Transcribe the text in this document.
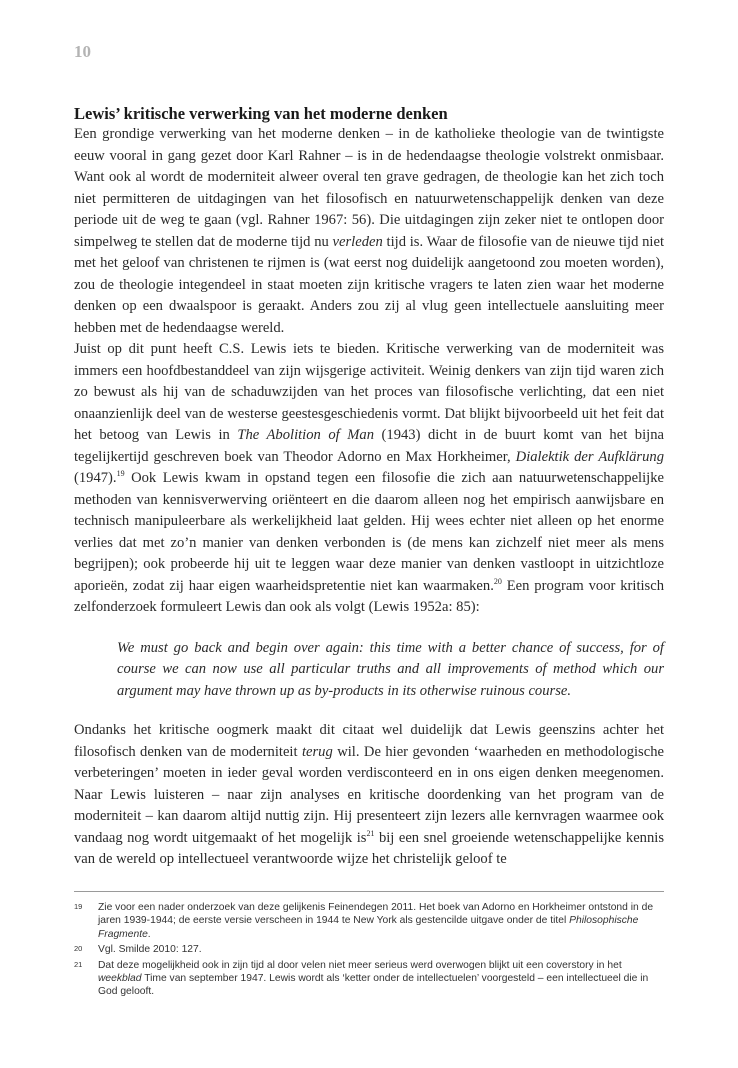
10
Lewis’ kritische verwerking van het moderne denken

Een grondige verwerking van het moderne denken – in de katholieke theologie van de twintigste eeuw vooral in gang gezet door Karl Rahner – is in de hedendaagse theologie volstrekt onmisbaar. Want ook al wordt de moderniteit alweer overal ten grave gedragen, de theologie kan het zich toch niet permitteren de uitdagingen van het filosofisch en natuurwetenschappelijk denken van deze periode uit de weg te gaan (vgl. Rahner 1967: 56). Die uitdagingen zijn zeker niet te ontlopen door simpelweg te stellen dat de moderne tijd nu verleden tijd is. Waar de filosofie van de nieuwe tijd niet met het geloof van christenen te rijmen is (wat eerst nog duidelijk aangetoond zou moeten worden), zou de theologie integendeel in staat moeten zijn kritische vragers te laten zien waar het moderne denken op een dwaalspoor is geraakt. Anders zou zij al vlug geen intellectuele aansluiting meer hebben met de hedendaagse wereld.

Juist op dit punt heeft C.S. Lewis iets te bieden. Kritische verwerking van de moderniteit was immers een hoofdbestanddeel van zijn wijsgerige activiteit. Weinig denkers van zijn tijd waren zich zo bewust als hij van de schaduwzijden van het proces van filosofische verlichting, dat een niet onaanzienlijk deel van de westerse geestesgeschiedenis vormt. Dat blijkt bijvoorbeeld uit het feit dat het betoog van Lewis in The Abolition of Man (1943) dicht in de buurt komt van het bijna tegelijkertijd geschreven boek van Theodor Adorno en Max Horkheimer, Dialektik der Aufklärung (1947).$^{19}$ Ook Lewis kwam in opstand tegen een filosofie die zich aan natuurwetenschappelijke methoden van kennisverwerving oriënteert en die daarom alleen nog het empirisch aanwijsbare en technisch manipuleerbare als werkelijkheid laat gelden. Hij wees echter niet alleen op het enorme verlies dat met zo’n manier van denken verbonden is (de mens kan zichzelf niet meer als mens begrijpen); ook probeerde hij uit te leggen waar deze manier van denken vastloopt in uitzichtloze aporieën, zodat zij haar eigen waarheidspretentie niet kan waarmaken.$^{20}$ Een program voor kritisch zelfonderzoek formuleert Lewis dan ook als volgt (Lewis 1952a: 85):

We must go back and begin over again: this time with a better chance of success, for of course we can now use all particular truths and all improvements of method which our argument may have thrown up as by-products in its otherwise ruinous course.

Ondanks het kritische oogmerk maakt dit citaat wel duidelijk dat Lewis geenszins achter het filosofisch denken van de moderniteit terug wil. De hier gevonden ‘waarheden en methodologische verbeteringen’ moeten in ieder geval worden verdisconteerd en in ons eigen denken meegenomen. Naar Lewis luisteren – naar zijn analyses en kritische doordenking van het program van de moderniteit – kan daarom altijd nuttig zijn. Hij presenteert zijn lezers alle kernvragen waarmee ook vandaag nog wordt uitgemaakt of het mogelijk $is^{21}$ bij een snel groeiende wetenschappelijke kennis van de wereld op intellectueel verantwoorde wijze het christelijk geloof te

19	Zie voor een nader onderzoek van deze gelijkenis Feinendegen 2011. Het boek van Adorno en Horkheimer ontstond in de jaren 1939-1944; de eerste versie verscheen in 1944 te New York als gestencilde uitgave onder de titel Philosophische Fragmente.
20	Vgl. Smilde 2010: 127.
21	Dat deze mogelijkheid ook in zijn tijd al door velen niet meer serieus werd overwogen blijkt uit een coverstory in het weekblad Time van september 1947. Lewis wordt als ‘ketter onder de intellectuelen’ voorgesteld – een intellectueel die in God gelooft.
